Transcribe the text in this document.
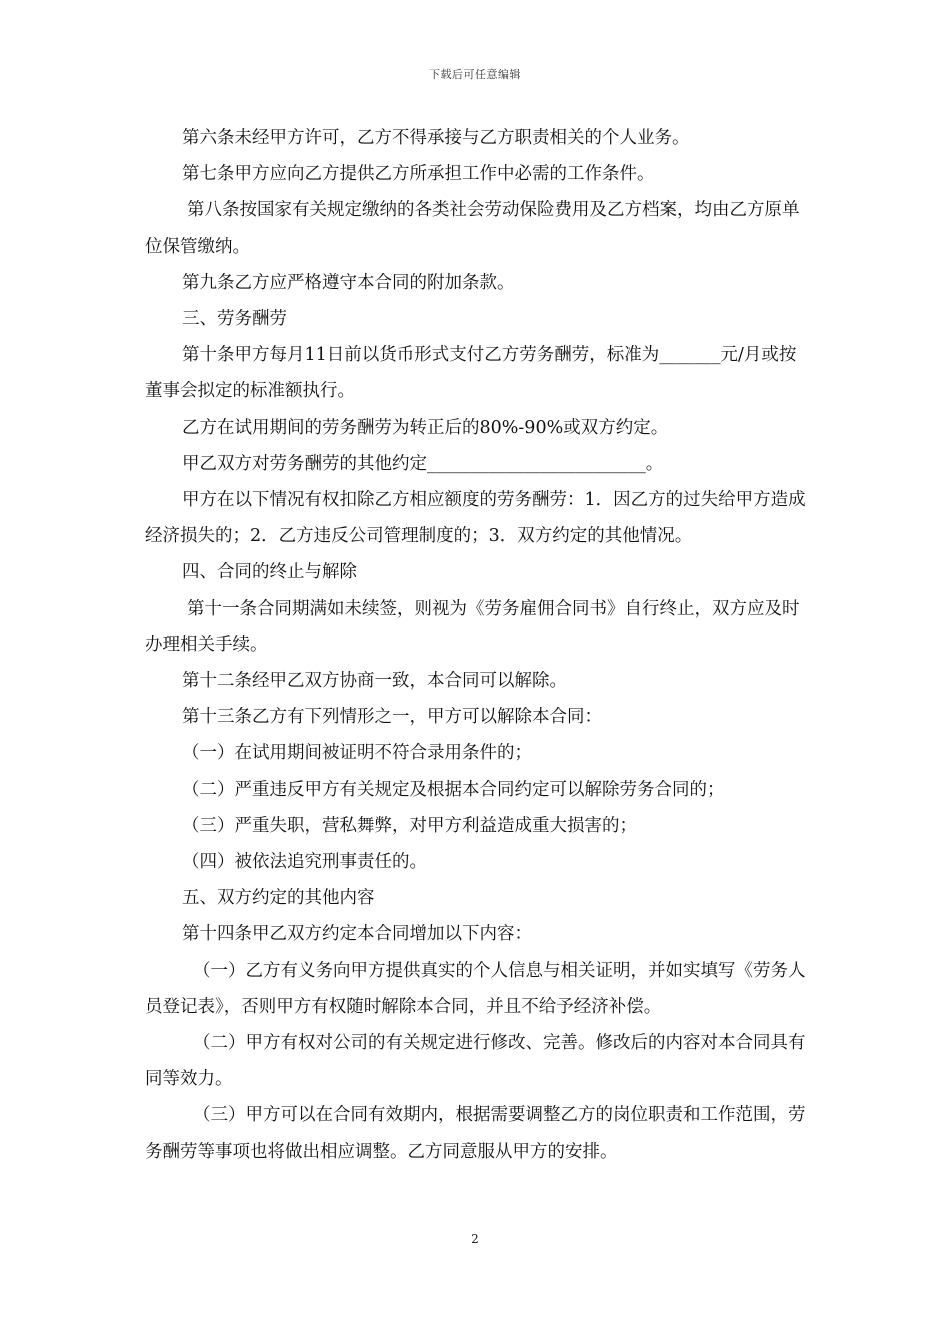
下载后可任意编辑

第六条未经甲方许可，乙方不得承接与乙方职责相关的个人业务。

第七条甲方应向乙方提供乙方所承担工作中必需的工作条件。

第八条按国家有关规定缴纳的各类社会劳动保险费用及乙方档案，均由乙方原单位保管缴纳。

第九条乙方应严格遵守本合同的附加条款。

三、劳务酬劳

第十条甲方每月11日前以货币形式支付乙方劳务酬劳，标准为_______元/月或按董事会拟定的标准额执行。

乙方在试用期间的劳务酬劳为转正后的80%-90%或双方约定。

甲乙双方对劳务酬劳的其他约定_________________________。

甲方在以下情况有权扣除乙方相应额度的劳务酬劳：1．因乙方的过失给甲方造成经济损失的；2．乙方违反公司管理制度的；3．双方约定的其他情况。

四、合同的终止与解除

第十一条合同期满如未续签，则视为《劳务雇佣合同书》自行终止，双方应及时办理相关手续。

第十二条经甲乙双方协商一致，本合同可以解除。

第十三条乙方有下列情形之一，甲方可以解除本合同：

（一）在试用期间被证明不符合录用条件的；

（二）严重违反甲方有关规定及根据本合同约定可以解除劳务合同的；

（三）严重失职，营私舞弊，对甲方利益造成重大损害的；

（四）被依法追究刑事责任的。

五、双方约定的其他内容

第十四条甲乙双方约定本合同增加以下内容：

（一）乙方有义务向甲方提供真实的个人信息与相关证明，并如实填写《劳务人员登记表》，否则甲方有权随时解除本合同，并且不给予经济补偿。

（二）甲方有权对公司的有关规定进行修改、完善。修改后的内容对本合同具有同等效力。

（三）甲方可以在合同有效期内，根据需要调整乙方的岗位职责和工作范围，劳务酬劳等事项也将做出相应调整。乙方同意服从甲方的安排。

2
